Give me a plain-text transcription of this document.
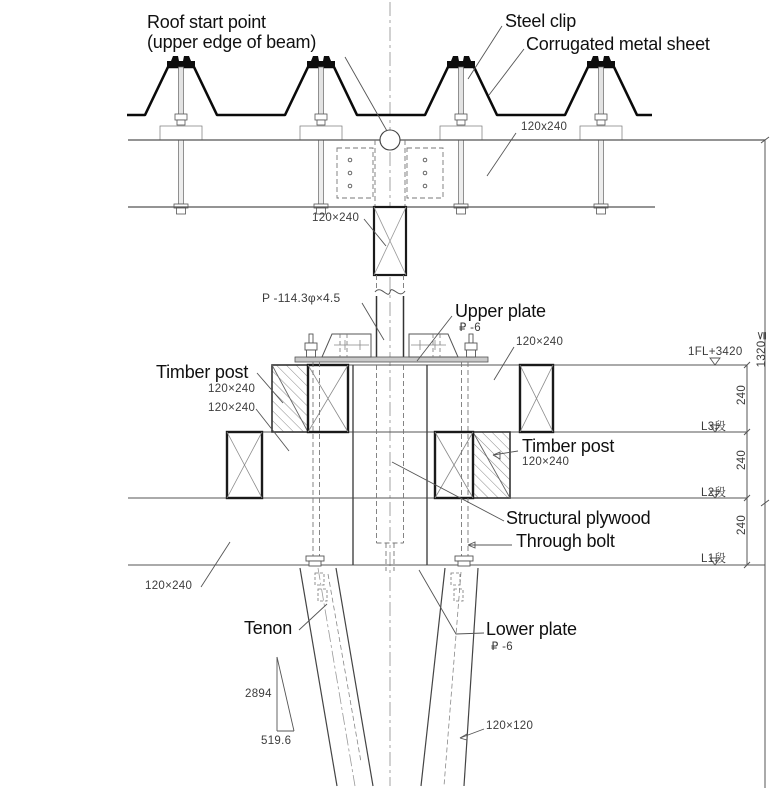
Roof start point
(upper edge of beam)
Steel clip
Corrugated metal sheet
120x240
120×240
P -114.3φ×4.5
Upper plate
₽ -6
120×240
Timber post
120×240
120×240
1FL+3420 1320≦
240
240
240
L3段
L2段
L1段
Timber post
120×240
Structural plywood
Through bolt
120×240
Tenon	Lower plate
₽ -6
2894
519.6
120×120
